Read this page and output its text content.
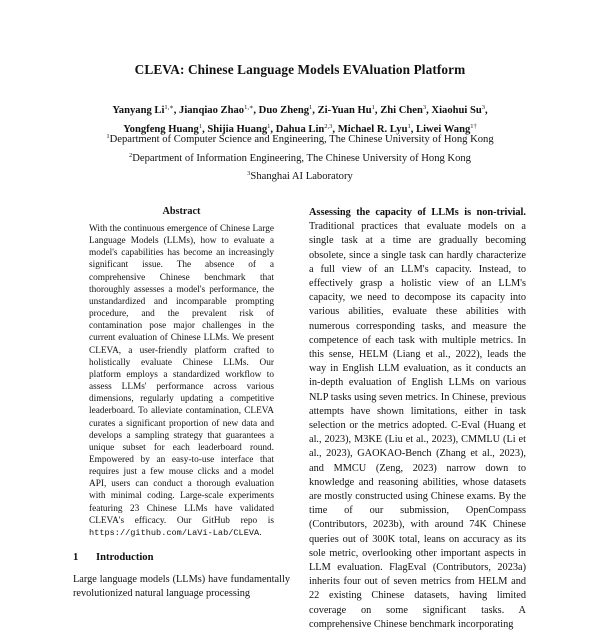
CLEVA: Chinese Language Models EVAluation Platform
Yanyang $Li^{1,∗}$, Jianqiao Zhao$^{1,∗}$, Duo Zheng$^1$, Zi-Yuan Hu$^1$, Zhi Chen$^3$, Xiaohui Su$^3$,
Yongfeng Huang$^1$, Shijia Huang$^1$, Dahua Lin$^{2,3}$, Michael R. Lyu$^1$, Liwei Wang$^{1\dagger}$
$^1$Department of Computer Science and Engineering, The Chinese University of Hong Kong
$^2$Department of Information Engineering, The Chinese University of Hong Kong
$^3$Shanghai AI Laboratory
Abstract
With the continuous emergence of Chinese Large Language Models (LLMs), how to evaluate a model's capabilities has become an increasingly significant issue. The absence of a comprehensive Chinese benchmark that thoroughly assesses a model's performance, the unstandardized and incomparable prompting procedure, and the prevalent risk of contamination pose major challenges in the current evaluation of Chinese LLMs. We present CLEVA, a user-friendly platform crafted to holistically evaluate Chinese LLMs. Our platform employs a standardized workflow to assess LLMs' performance across various dimensions, regularly updating a competitive leaderboard. To alleviate contamination, CLEVA curates a significant proportion of new data and develops a sampling strategy that guarantees a unique subset for each leaderboard round. Empowered by an easy-to-use interface that requires just a few mouse clicks and a model API, users can conduct a thorough evaluation with minimal coding. Large-scale experiments featuring 23 Chinese LLMs have validated CLEVA's efficacy. Our GitHub repo is https://github.com/LaVi-Lab/CLEVA.
1 Introduction
Large language models (LLMs) have fundamentally revolutionized natural language processing
Assessing the capacity of LLMs is non-trivial. Traditional practices that evaluate models on a single task at a time are gradually becoming obsolete, since a single task can hardly characterize a full view of an LLM's capacity. Instead, to effectively grasp a holistic view of an LLM's capacity, we need to decompose its capacity into various abilities, evaluate these abilities with numerous corresponding tasks, and measure the competence of each task with multiple metrics. In this sense, HELM (Liang et al., 2022), leads the way in English LLM evaluation, as it conducts an in-depth evaluation of English LLMs on various NLP tasks using seven metrics. In Chinese, previous attempts have shown limitations, either in task selection or the metrics adopted. C-Eval (Huang et al., 2023), M3KE (Liu et al., 2023), CMMLU (Li et al., 2023), GAOKAO-Bench (Zhang et al., 2023), and MMCU (Zeng, 2023) narrow down to knowledge and reasoning abilities, whose datasets are mostly constructed using Chinese exams. By the time of our submission, OpenCompass (Contributors, 2023b), with around 74K Chinese queries out of 300K total, leans on accuracy as its sole metric, overlooking other important aspects in LLM evaluation. FlagEval (Contributors, 2023a) inherits four out of seven metrics from HELM and 22 existing Chinese datasets, having limited coverage on some significant tasks. A comprehensive Chinese benchmark incorporating
